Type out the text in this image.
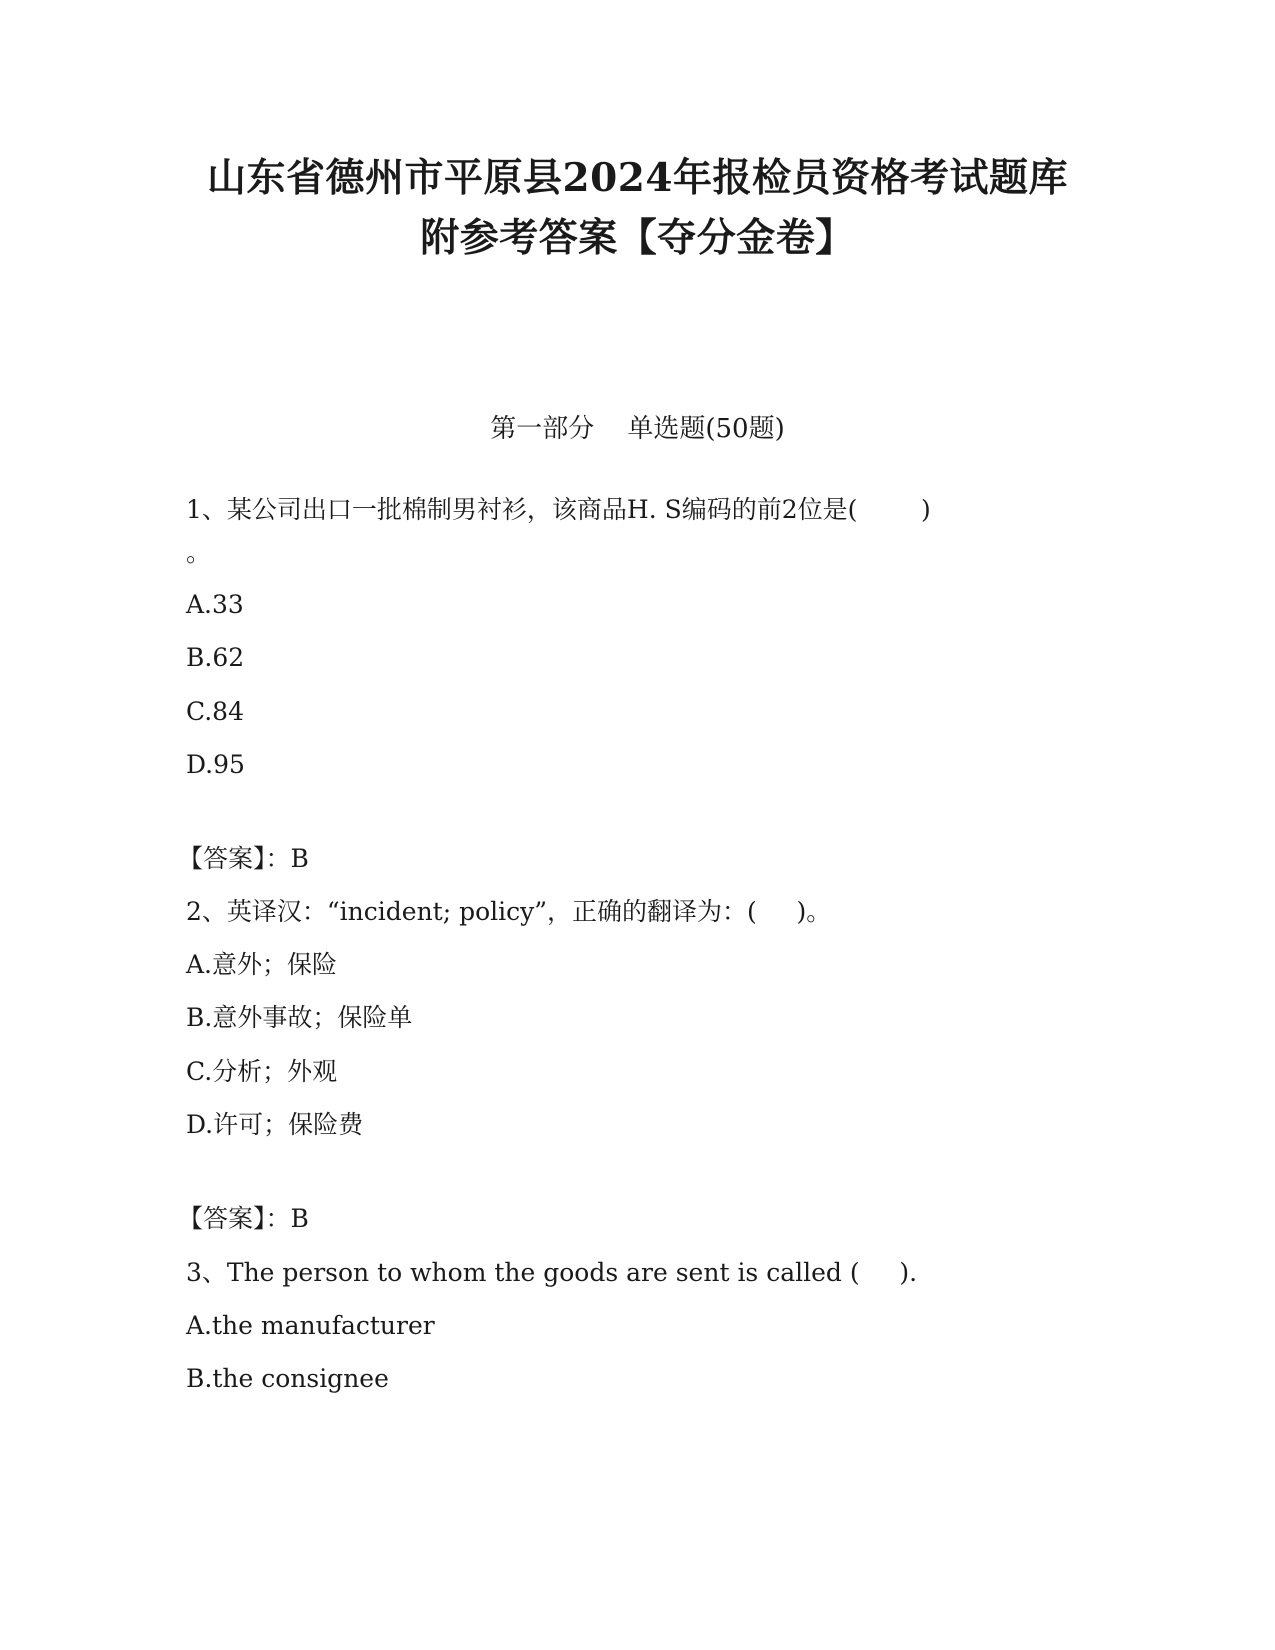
山东省德州市平原县2024年报检员资格考试题库
附参考答案【夺分金卷】
第一部分    单选题(50题)
1、某公司出口一批棉制男衬衫，该商品H. S编码的前2位是(        )
。
A.33
B.62
C.84
D.95
【答案】：B
2、英译汉：“incident; policy”，正确的翻译为：(     )。
A.意外；保险
B.意外事故；保险单
C.分析；外观
D.许可；保险费
【答案】：B
3、The person to whom the goods are sent is called (     ).
A.the manufacturer
B.the consignee
